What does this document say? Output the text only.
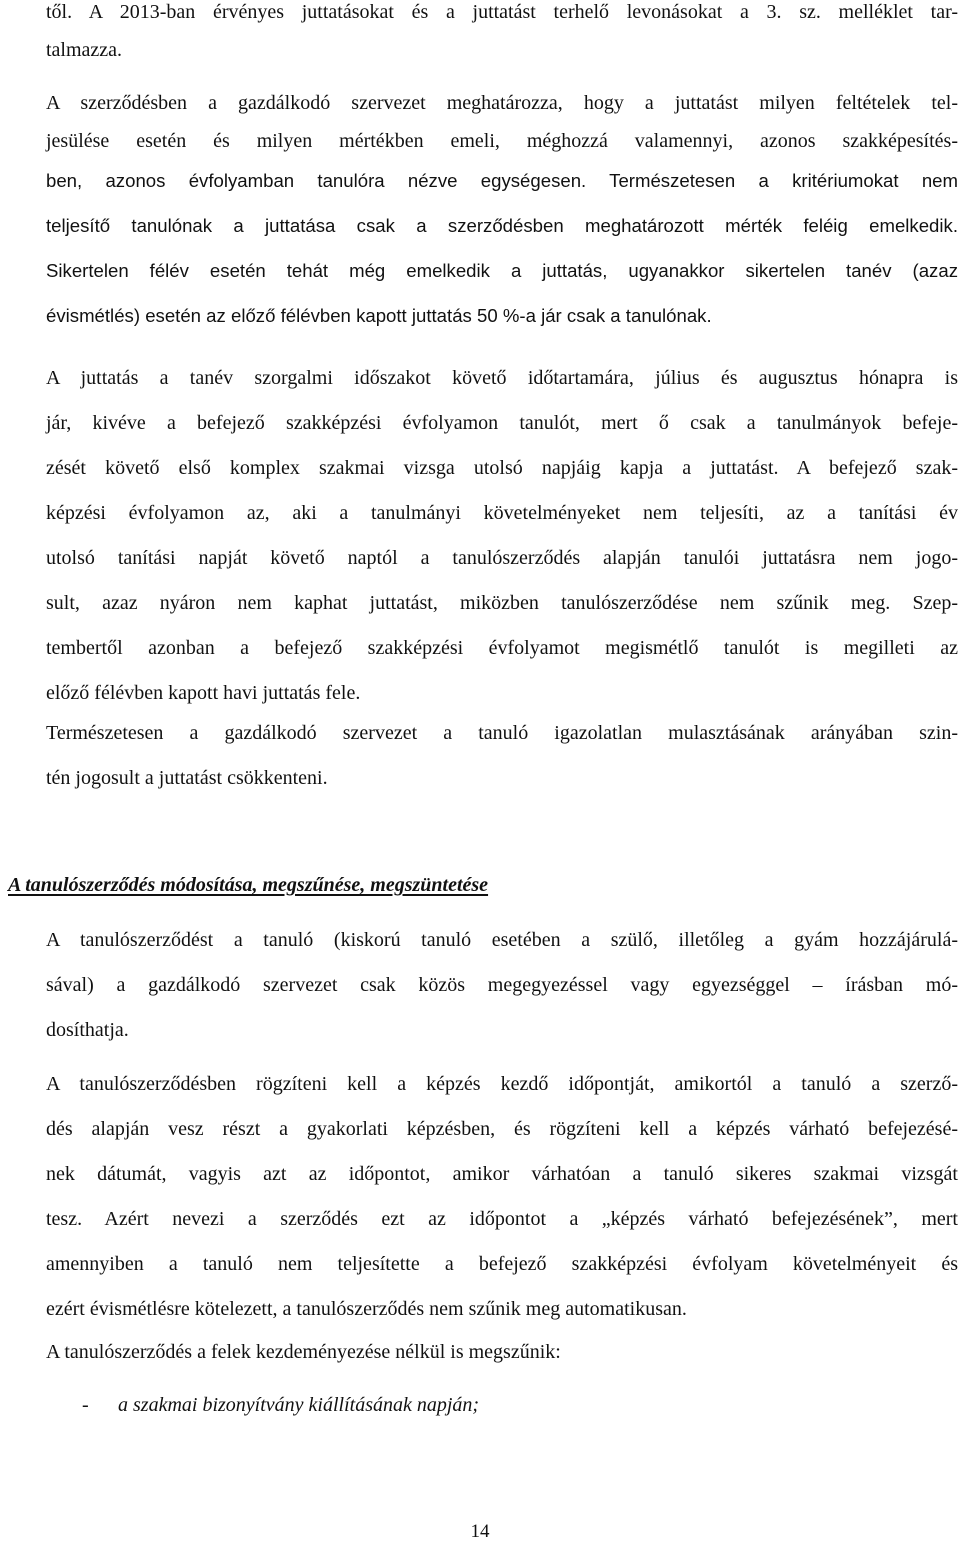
től. A 2013-ban érvényes juttatásokat és a juttatást terhelő levonásokat a 3. sz. melléklet tar-
talmazza.
A szerződésben a gazdálkodó szervezet meghatározza, hogy a juttatást milyen feltételek tel-
jesülése esetén és milyen mértékben emeli, méghozzá valamennyi, azonos szakképesítés-
ben, azonos évfolyamban tanulóra nézve egységesen. Természetesen a kritériumokat nem
teljesítő tanulónak a juttatása csak a szerződésben meghatározott mérték feléig emelkedik.
Sikertelen félév esetén tehát még emelkedik a juttatás, ugyanakkor sikertelen tanév (azaz
évismétlés) esetén az előző félévben kapott juttatás 50 %-a jár csak a tanulónak.
A juttatás a tanév szorgalmi időszakot követő időtartamára, július és augusztus hónapra is
jár, kivéve a befejező szakképzési évfolyamon tanulót, mert ő csak a tanulmányok befeje-
zését követő első komplex szakmai vizsga utolsó napjáig kapja a juttatást. A befejező szak-
képzési évfolyamon az, aki a tanulmányi követelményeket nem teljesíti, az a tanítási év
utolsó tanítási napját követő naptól a tanulószerződés alapján tanulói juttatásra nem jogo-
sult, azaz nyáron nem kaphat juttatást, miközben tanulószerződése nem szűnik meg. Szep-
tembertől azonban a befejező szakképzési évfolyamot megismétlő tanulót is megilleti az
előző félévben kapott havi juttatás fele.
Természetesen a gazdálkodó szervezet a tanuló igazolatlan mulasztásának arányában szin-
tén jogosult a juttatást csökkenteni.
A tanulószerződés módosítása, megszűnése, megszüntetése
A tanulószerződést a tanuló (kiskorú tanuló esetében a szülő, illetőleg a gyám hozzájárulá-
sával) a gazdálkodó szervezet csak közös megegyezéssel vagy egyezséggel – írásban mó-
dosíthatja.
A tanulószerződésben rögzíteni kell a képzés kezdő időpontját, amikortól a tanuló a szerző-
dés alapján vesz részt a gyakorlati képzésben, és rögzíteni kell a képzés várható befejezésé-
nek dátumát, vagyis azt az időpontot, amikor várhatóan a tanuló sikeres szakmai vizsgát
tesz. Azért nevezi a szerződés ezt az időpontot a „képzés várható befejezésének”, mert
amennyiben a tanuló nem teljesítette a befejező szakképzési évfolyam követelményeit és
ezért évismétlésre kötelezett, a tanulószerződés nem szűnik meg automatikusan.
A tanulószerződés a felek kezdeményezése nélkül is megszűnik:
- a szakmai bizonyítvány kiállításának napján;
14
